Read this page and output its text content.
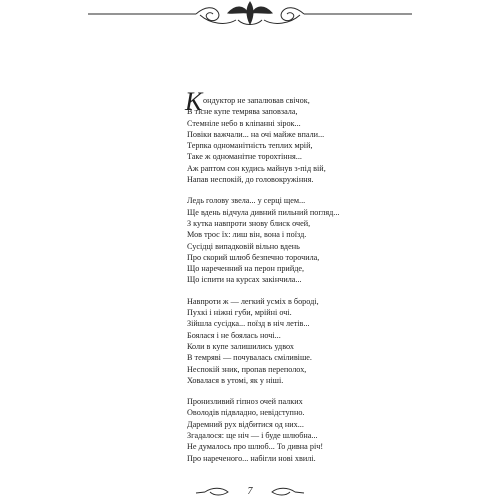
К ондуктор не запалював свічок,
В тісне купе темрява заповзала,
Стемніле небо в кліпанні зірок...
Повіки важчали... на очі майже впали...
Терпка одноманітність теплих мрій,
Таке ж одноманітне торохтіння...
Аж раптом сон кудись майнув з-під вій,
Напав неспокій, до головокружіння.
Ледь голову звела... у серці щем...
Ще вдень відчула дивний пильний погляд...
З кутка навпроти знову блиск очей,
Мов трос їх: лиш він, вона і поїзд.
Сусідці випадковій вільно вдень
Про скорий шлюб безпечно торочила,
Що нареченний на перон прийде,
Що іспити на курсах закінчила...
Навпроти ж — легкий усміх в бороді,
Пухкі і ніжні губи, мрійні очі.
Зійшла сусідка... поїзд в ніч летів...
Боялася і не боялась ночі...
Коли в купе залишились удвох
В темряві — почувалась сміливіше.
Неспокій зник, пропав переполох,
Ховалася в утомі, як у ніші.
Пронизливий гіпноз очей палких
Оволодів підвладно, невідступно.
Даремний рух відбитися од них...
Згадалося: ще ніч — і буде шлюбна...
Не думалось про шлюб... То дивна річ!
Про нареченого... набігли нові хвилі.
7
